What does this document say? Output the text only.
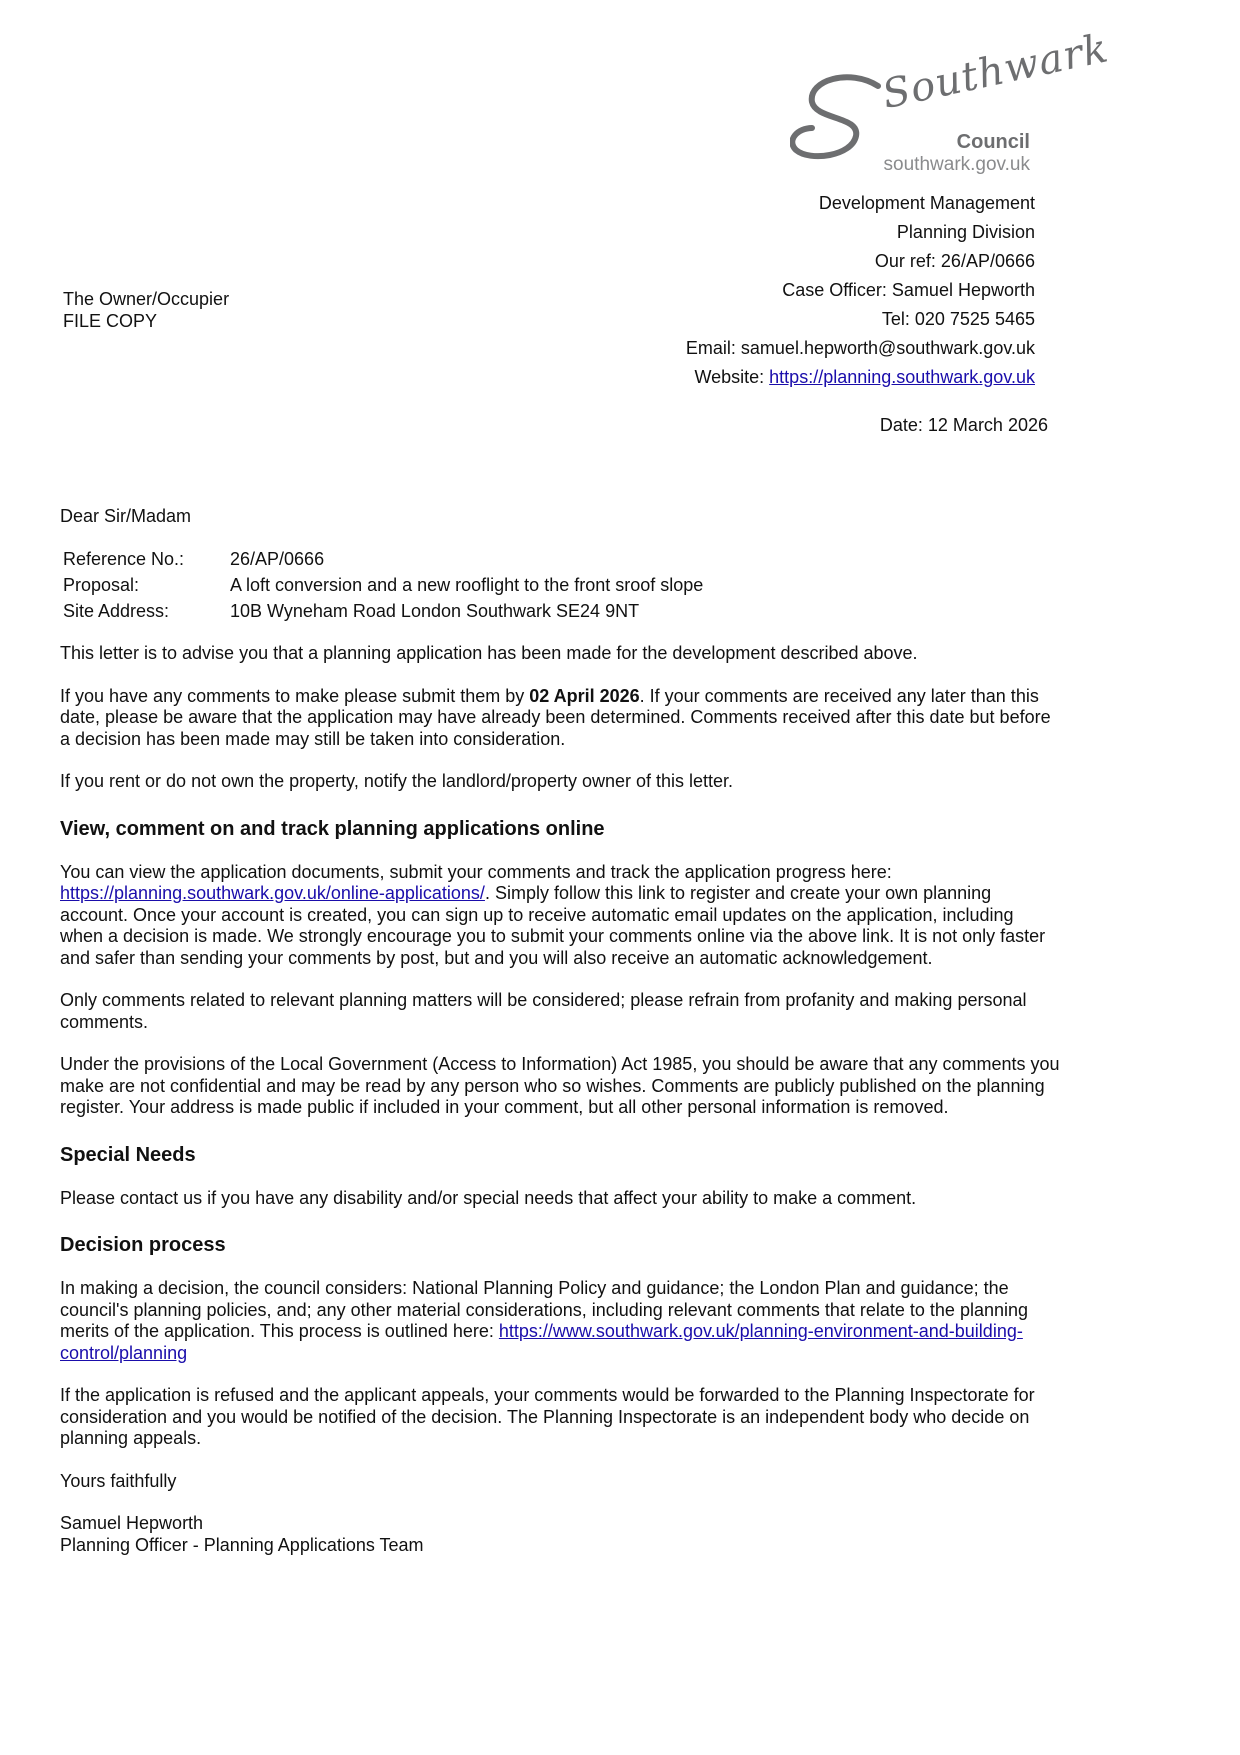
Southwark
Council
southwark.gov.uk
The Owner/Occupier
FILE COPY
Development Management
Planning Division
Our ref: 26/AP/0666
Case Officer: Samuel Hepworth
Tel: 020 7525 5465
Email: samuel.hepworth@southwark.gov.uk
Website: https://planning.southwark.gov.uk
Date: 12 March 2026
Dear Sir/Madam
Reference No.:	26/AP/0666
Proposal:	A loft conversion and a new rooflight to the front sroof slope
Site Address:	10B Wyneham Road London Southwark SE24 9NT

This letter is to advise you that a planning application has been made for the development described above.

If you have any comments to make please submit them by 02 April 2026. If your comments are received any later than this date, please be aware that the application may have already been determined. Comments received after this date but before a decision has been made may still be taken into consideration.

If you rent or do not own the property, notify the landlord/property owner of this letter.

View, comment on and track planning applications online

You can view the application documents, submit your comments and track the application progress here: https://planning.southwark.gov.uk/online-applications/. Simply follow this link to register and create your own planning account. Once your account is created, you can sign up to receive automatic email updates on the application, including when a decision is made. We strongly encourage you to submit your comments online via the above link. It is not only faster and safer than sending your comments by post, but and you will also receive an automatic acknowledgement.

Only comments related to relevant planning matters will be considered; please refrain from profanity and making personal comments.

Under the provisions of the Local Government (Access to Information) Act 1985, you should be aware that any comments you make are not confidential and may be read by any person who so wishes. Comments are publicly published on the planning register. Your address is made public if included in your comment, but all other personal information is removed.

Special Needs

Please contact us if you have any disability and/or special needs that affect your ability to make a comment.

Decision process

In making a decision, the council considers: National Planning Policy and guidance; the London Plan and guidance; the council's planning policies, and; any other material considerations, including relevant comments that relate to the planning merits of the application. This process is outlined here: https://www.southwark.gov.uk/planning-environment-and-building-control/planning

If the application is refused and the applicant appeals, your comments would be forwarded to the Planning Inspectorate for consideration and you would be notified of the decision. The Planning Inspectorate is an independent body who decide on planning appeals.

Yours faithfully

Samuel Hepworth
Planning Officer - Planning Applications Team
